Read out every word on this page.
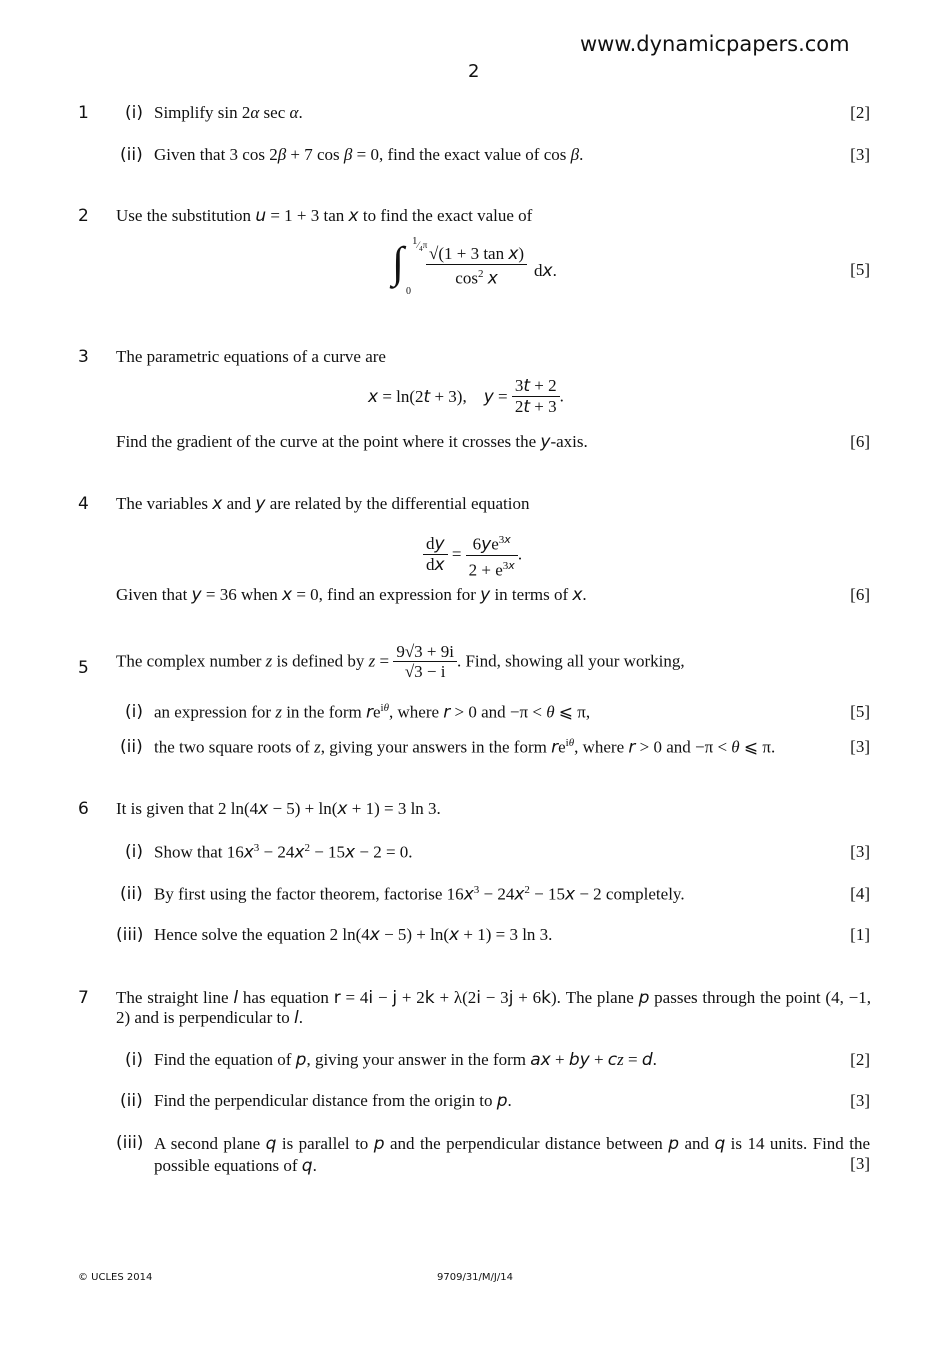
www.dynamicpapers.com
2
1 (i) Simplify sin 2α sec α.	[2]
(ii) Given that 3 cos 2β + 7 cos β = 0, find the exact value of cos β.	[3]
2 Use the substitution u = 1 + 3 tan x to find the exact value of
∫ $^1⁄_4\pi$
0
$\frac{\text{√(1 + 3 tan x)}}{\cos^2 x}$ dx.	[5]
3 The parametric equations of a curve are
x = ln(2t + 3),    $y = \frac{3t + 2}{2t + 3}$ .
Find the gradient of the curve at the point where it crosses the y-axis.	[6]
4 The variables x and y are related by the differential equation
$\frac{dy}{dx} = \frac{6ye^{3x}}{2 + e^{3x}}$ .
Given that y = 36 when x = 0, find an expression for y in terms of x.	[6]
5 The complex number z is defined by $z = \frac{9√3 + 9i}{√3 - i}$ . Find, showing all your working,
(i) an expression for z in the form $re^{i\theta}$, where r > 0 and −π < θ ⩽ π,	[5]
(ii) the two square roots of z, giving your answers in the form $re^{i\theta}$, where r > 0 and −π < θ ⩽ π.	[3]
6 It is given that 2 ln(4x − 5) + ln(x + 1) = 3 ln 3.
(i) Show that $16x^3 - 24x^2 - 15x - 2 = 0$.	[3]
(ii) By first using the factor theorem, factorise $16x^3 - 24x^2 - 15x - 2$ completely.	[4]
(iii) Hence solve the equation 2 ln(4x − 5) + ln(x + 1) = 3 ln 3.	[1]
7 The straight line l has equation r = 4i − j + 2k + λ(2i − 3j + 6k). The plane p passes through the point (4, −1, 2) and is perpendicular to l.
(i) Find the equation of p, giving your answer in the form ax + by + cz = d.	[2]
(ii) Find the perpendicular distance from the origin to p.	[3]
(iii) A second plane q is parallel to p and the perpendicular distance between p and q is 14 units. Find the possible equations of q.	[3]
© UCLES 2014	9709/31/M/J/14
